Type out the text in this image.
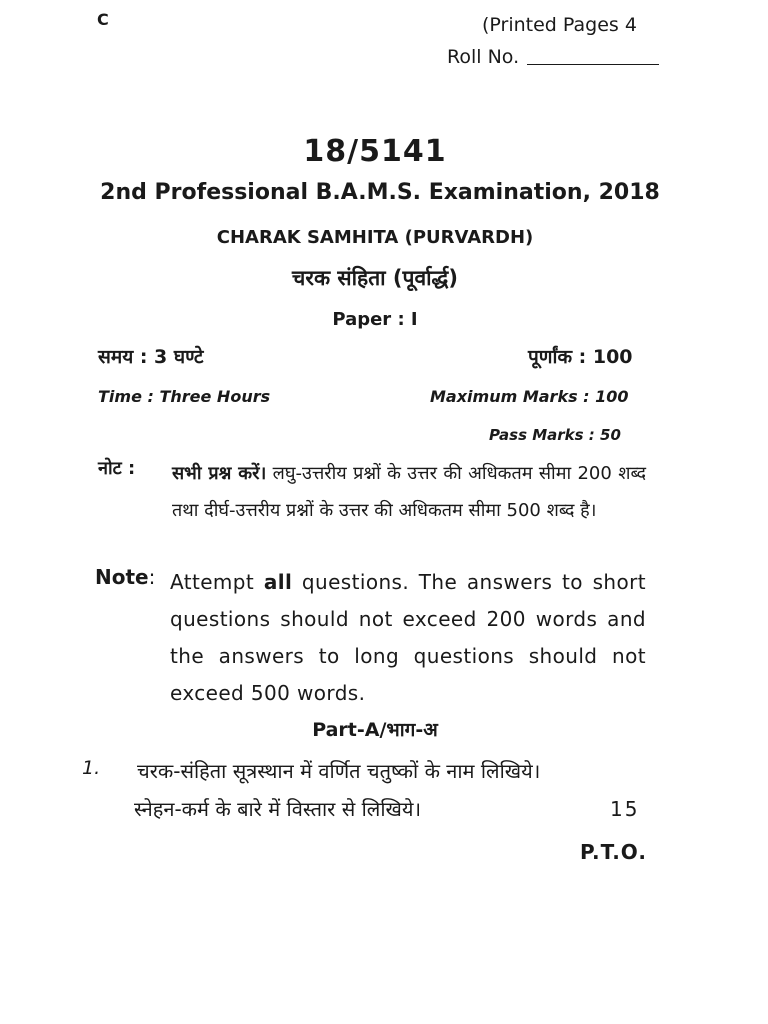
C	(Printed Pages 4
Roll No.
18/5141
2nd Professional B.A.M.S. Examination, 2018
CHARAK SAMHITA (PURVARDH)
चरक संहिता (पूर्वार्द्ध)
Paper : I
समय : 3 घण्टे	पूर्णांक : 100
Time : Three Hours	Maximum Marks : 100
Pass Marks : 50
नोट : सभी प्रश्न करें। लघु-उत्तरीय प्रश्नों के उत्तर की अधिकतम सीमा 200 शब्द तथा दीर्घ-उत्तरीय प्रश्नों के उत्तर की अधिकतम सीमा 500 शब्द है।
Note: Attempt all questions. The answers to short questions should not exceed 200 words and the answers to long questions should not exceed 500 words.
Part-A/भाग-अ
1. चरक-संहिता सूत्रस्थान में वर्णित चतुष्कों के नाम लिखिये।
स्नेहन-कर्म के बारे में विस्तार से लिखिये।	15
P.T.O.
